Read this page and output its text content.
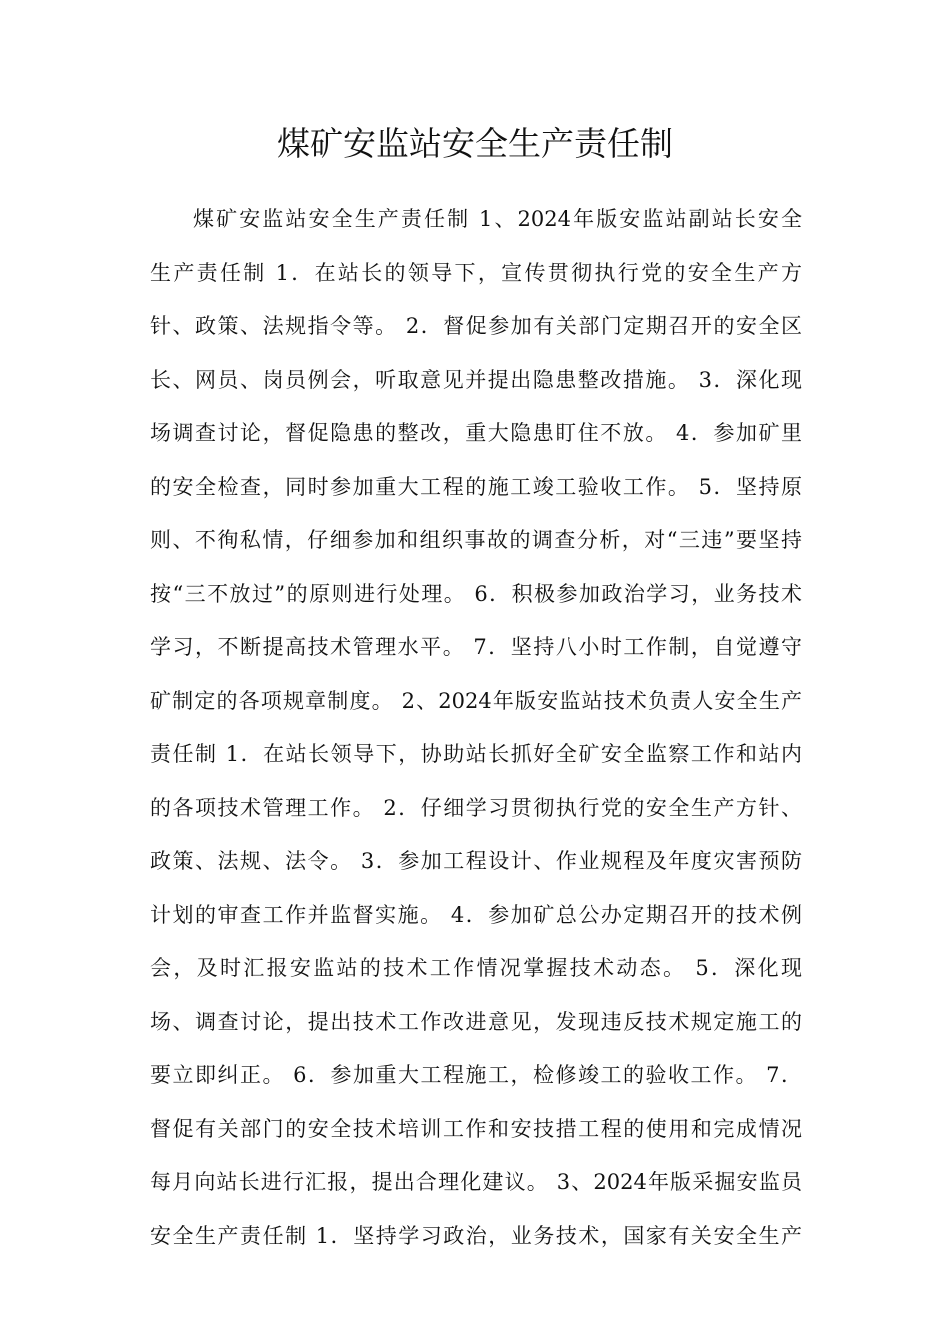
煤矿安监站安全生产责任制
煤矿安监站安全生产责任制 1、2024年版安监站副站长安全
生产责任制 1．在站长的领导下，宣传贯彻执行党的安全生产方
针、政策、法规指令等。 2．督促参加有关部门定期召开的安全区
长、网员、岗员例会，听取意见并提出隐患整改措施。 3．深化现
场调查讨论，督促隐患的整改，重大隐患盯住不放。 4．参加矿里
的安全检查，同时参加重大工程的施工竣工验收工作。 5．坚持原
则、不徇私情，仔细参加和组织事故的调查分析，对“三违”要坚持
按“三不放过”的原则进行处理。 6．积极参加政治学习，业务技术
学习，不断提高技术管理水平。 7．坚持八小时工作制，自觉遵守
矿制定的各项规章制度。 2、2024年版安监站技术负责人安全生产
责任制 1．在站长领导下，协助站长抓好全矿安全监察工作和站内
的各项技术管理工作。 2．仔细学习贯彻执行党的安全生产方针、
政策、法规、法令。 3．参加工程设计、作业规程及年度灾害预防
计划的审查工作并监督实施。 4．参加矿总公办定期召开的技术例
会，及时汇报安监站的技术工作情况掌握技术动态。 5．深化现
场、调查讨论，提出技术工作改进意见，发现违反技术规定施工的
要立即纠正。 6．参加重大工程施工，检修竣工的验收工作。 7．
督促有关部门的安全技术培训工作和安技措工程的使用和完成情况
每月向站长进行汇报，提出合理化建议。 3、2024年版采掘安监员
安全生产责任制 1．坚持学习政治，业务技术，国家有关安全生产
